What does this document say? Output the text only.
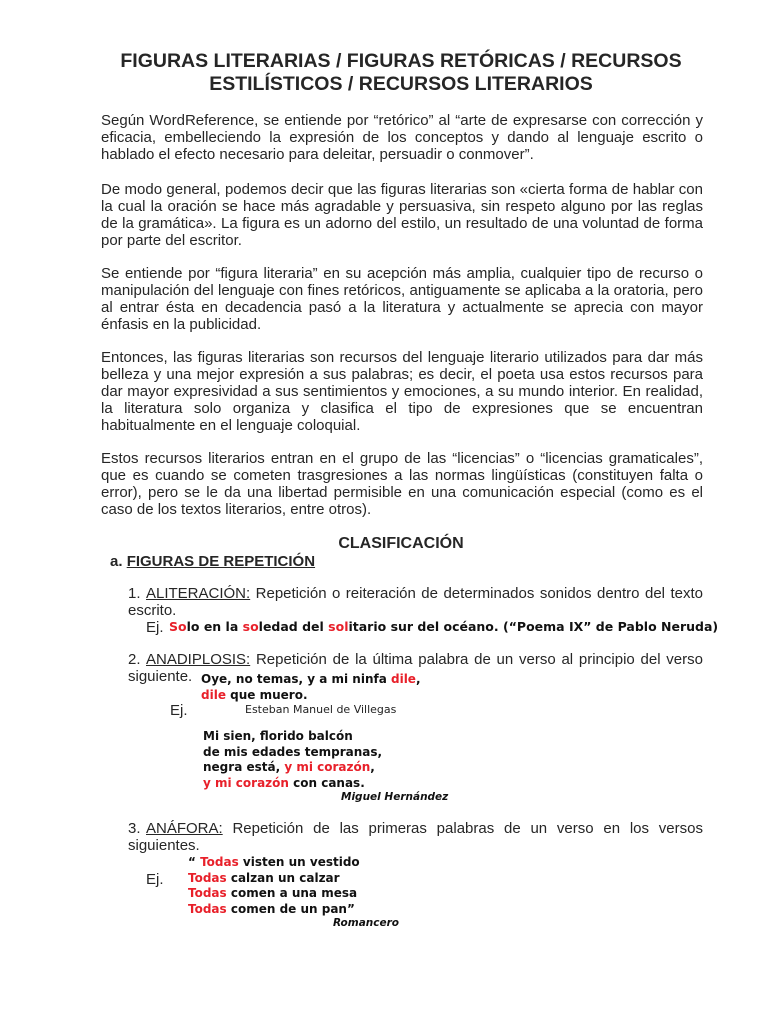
FIGURAS LITERARIAS / FIGURAS RETÓRICAS / RECURSOS ESTILÍSTICOS / RECURSOS LITERARIOS

Según WordReference, se entiende por “retórico” al “arte de expresarse con corrección y eficacia, embelleciendo la expresión de los conceptos y dando al lenguaje escrito o hablado el efecto necesario para deleitar, persuadir o conmover”.

De modo general, podemos decir que las figuras literarias son «cierta forma de hablar con la cual la oración se hace más agradable y persuasiva, sin respeto alguno por las reglas de la gramática». La figura es un adorno del estilo, un resultado de una voluntad de forma por parte del escritor.

Se entiende por “figura literaria” en su acepción más amplia, cualquier tipo de recurso o manipulación del lenguaje con fines retóricos, antiguamente se aplicaba a la oratoria, pero al entrar ésta en decadencia pasó a la literatura y actualmente se aprecia con mayor énfasis en la publicidad.

Entonces, las figuras literarias son recursos del lenguaje literario utilizados para dar más belleza y una mejor expresión a sus palabras; es decir, el poeta usa estos recursos para dar mayor expresividad a sus sentimientos y emociones, a su mundo interior. En realidad, la literatura solo organiza y clasifica el tipo de expresiones que se encuentran habitualmente en el lenguaje coloquial.

Estos recursos literarios entran en el grupo de las “licencias” o “licencias gramaticales”, que es cuando se cometen trasgresiones a las normas lingüísticas (constituyen falta o error), pero se le da una libertad permisible en una comunicación especial (como es el caso de los textos literarios, entre otros).

CLASIFICACIÓN
a. FIGURAS DE REPETICIÓN
1. ALITERACIÓN: Repetición o reiteración de determinados sonidos dentro del texto escrito.
Ej. Solo en la soledad del solitario sur del océano. (“Poema IX” de Pablo Neruda)
2. ANADIPLOSIS: Repetición de la última palabra de un verso al principio del verso siguiente.
Ej.
Oye, no temas, y a mi ninfa dile,
dile que muero.
Esteban Manuel de Villegas
Mi sien, florido balcón
de mis edades tempranas,
negra está, y mi corazón,
y mi corazón con canas.
Miguel Hernández
3. ANÁFORA: Repetición de las primeras palabras de un verso en los versos siguientes.
Ej.
“ Todas visten un vestido
Todas calzan un calzar
Todas comen a una mesa
Todas comen de un pan”
Romancero
